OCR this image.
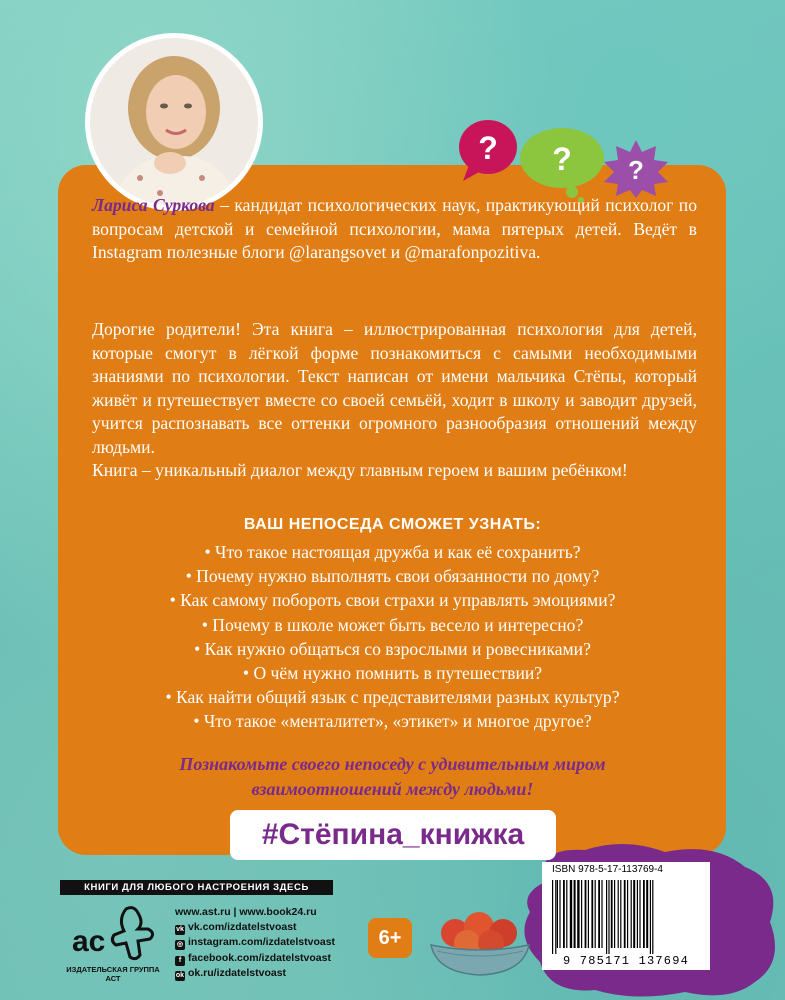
? ? ?
Лариса Суркова – кандидат психологических наук, практикующий психолог по вопросам детской и семейной психологии, мама пятерых детей. Ведёт в Instagram полезные блоги @larangsovet и @marafonpozitiva.
Дорогие родители! Эта книга – иллюстрированная психология для детей, которые смогут в лёгкой форме познакомиться с самыми необходимыми знаниями по психологии. Текст написан от имени мальчика Стёпы, который живёт и путешествует вместе со своей семьёй, ходит в школу и заводит друзей, учится распознавать все оттенки огромного разнообразия отношений между людьми.
Книга – уникальный диалог между главным героем и вашим ребёнком!
ВАШ НЕПОСЕДА СМОЖЕТ УЗНАТЬ:
• Что такое настоящая дружба и как её сохранить?
• Почему нужно выполнять свои обязанности по дому?
• Как самому побороть свои страхи и управлять эмоциями?
• Почему в школе может быть весело и интересно?
• Как нужно общаться со взрослыми и ровесниками?
• О чём нужно помнить в путешествии?
• Как найти общий язык с представителями разных культур?
• Что такое «менталитет», «этикет» и многое другое?
Познакомьте своего непоседу с удивительным миром
взаимоотношений между людьми!
#Стёпина_книжка
ISBN 978-5-17-113769-4
9 785171 137694
КНИГИ ДЛЯ ЛЮБОГО НАСТРОЕНИЯ ЗДЕСЬ
ас
ИЗДАТЕЛЬСКАЯ ГРУППА АСТ
www.ast.ru | www.book24.ru
vk vk.com/izdatelstvoast
◎ instagram.com/izdatelstvoast
f facebook.com/izdatelstvoast
ok ok.ru/izdatelstvoast
6+
